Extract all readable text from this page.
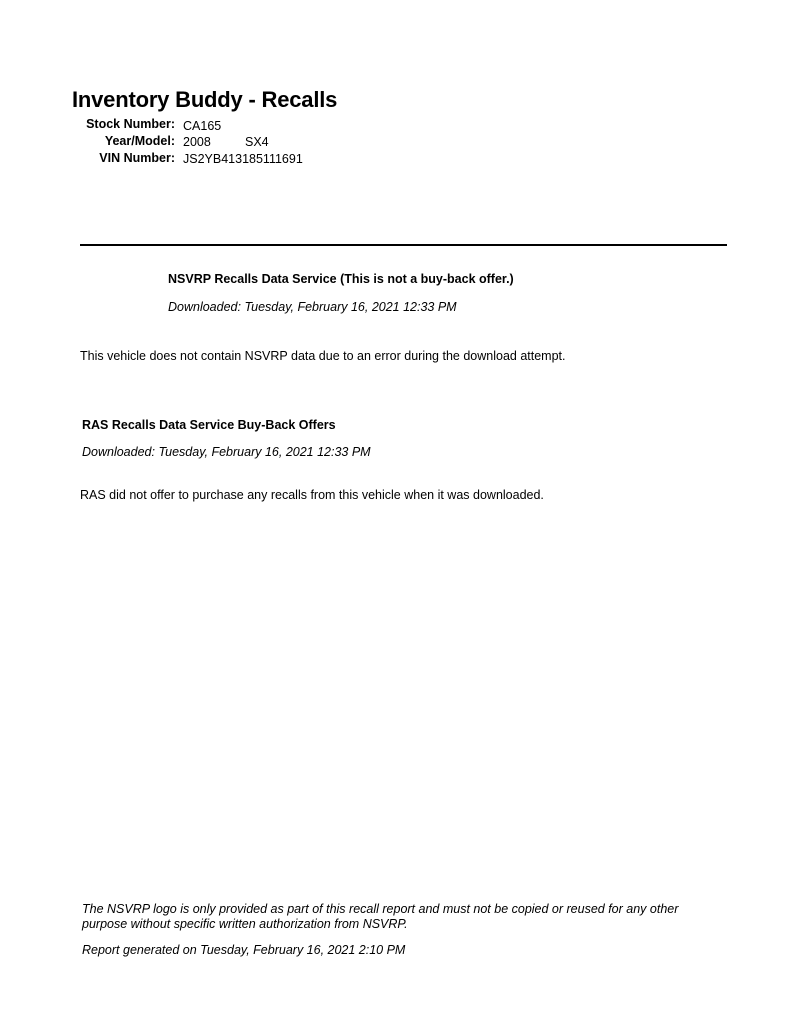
Inventory Buddy - Recalls
Stock Number: CA165
Year/Model: 2008	SX4
VIN Number: JS2YB413185111691
NSVRP Recalls Data Service (This is not a buy-back offer.)
Downloaded: Tuesday, February 16, 2021 12:33 PM
This vehicle does not contain NSVRP data due to an error during the download attempt.
RAS Recalls Data Service Buy-Back Offers
Downloaded: Tuesday, February 16, 2021 12:33 PM
RAS did not offer to purchase any recalls from this vehicle when it was downloaded.
The NSVRP logo is only provided as part of this recall report and must not be copied or reused for any other purpose without specific written authorization from NSVRP.
Report generated on Tuesday, February 16, 2021 2:10 PM
